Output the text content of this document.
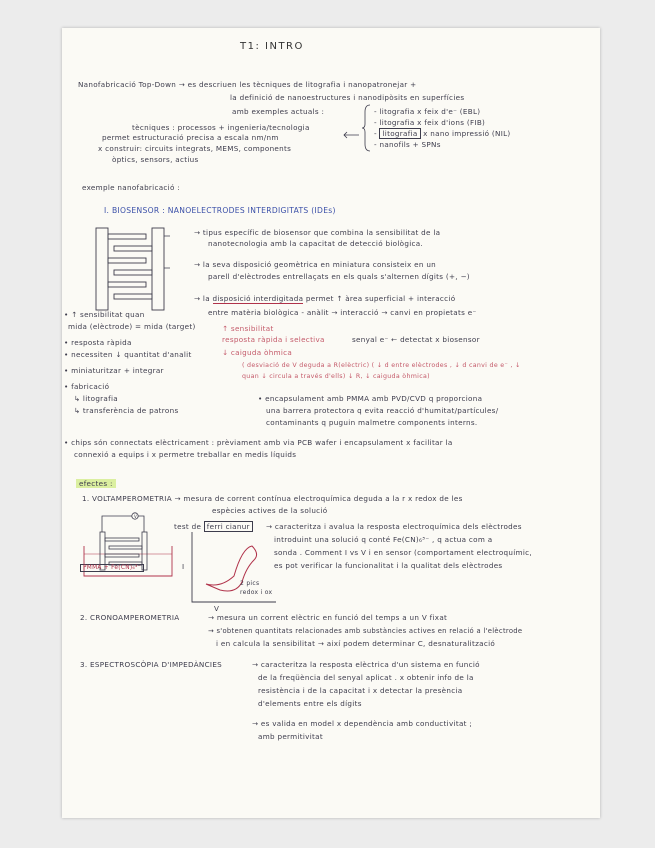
T1: INTRO
Nanofabricació Top-Down → es descriuen les tècniques de litografia i nanopatronejar +
la definició de nanoestructures i nanodipòsits en superfícies
amb exemples actuals :	- litografia x feix d'e⁻ (EBL)
- litografia x feix d'ions (FIB)
- litografia x nano impressió (NIL)
- nanofils + SPNs
tècniques : processos + ingenieria/tecnologia
permet estructuració precisa a escala nm/nm
x construir: circuits integrats, MEMS, components
òptics, sensors, actius
exemple nanofabricació :
I. BIOSENSOR : NANOELECTRODES INTERDIGITATS (IDEs)
→ tipus específic de biosensor que combina la sensibilitat de la
nanotecnologia amb la capacitat de detecció biològica.
→ la seva disposició geomètrica en miniatura consisteix en un
parell d'elèctrodes entrellaçats en els quals s'alternen dígits (+, −)
→ la disposició interdigitada permet ↑ àrea superficial + interacció
entre matèria biològica - anàlit → interacció → canvi en propietats e⁻
senyal e⁻ ← detectat x biosensor
• ↑ sensibilitat quan
mida (elèctrode) = mida (target)
• resposta ràpida
• necessiten ↓ quantitat d'analit
• miniaturitzar + integrar
• fabricació
↳ litografia
↳ transferència de patrons
↑ sensibilitat
resposta ràpida i selectiva
↓ caiguda òhmica
( desviació de V deguda a R(elèctric) ( ↓ d entre elèctrodes , ↓ d canvi de e⁻ , ↓
quan ↓ circula a través d'ells) ↓ R, ↓ caiguda òhmica)
• encapsulament amb PMMA amb PVD/CVD q proporciona
una barrera protectora q evita reacció d'humitat/partícules/
contaminants q puguin malmetre components interns.
• chips són connectats elèctricament : prèviament amb via PCB wafer i encapsulament x facilitar la
connexió a equips i x permetre treballar en medis líquids
efectes :
1. VOLTAMPEROMETRIA → mesura de corrent contínua electroquímica deguda a la r x redox de les
espècies actives de la solució
V
PMMA + Fe(CN)₆³⁻
test de ferri cianur	→ caracteritza i avalua la resposta electroquímica dels elèctrodes
introduint una solució q conté Fe(CN)₆³⁻ , q actua com a
sonda . Comment I vs V i en sensor (comportament electroquímic,
es pot verificar la funcionalitat i la qualitat dels elèctrodes
I
V
2 pics
redox i ox
2. CRONOAMPEROMETRIA	→ mesura un corrent elèctric en funció del temps a un V fixat
→ s'obtenen quantitats relacionades amb substàncies actives en relació a l'elèctrode
i en calcula la sensibilitat → així podem determinar C, desnaturalització
3. ESPECTROSCÒPIA D'IMPEDÀNCIES	→ caracteritza la resposta elèctrica d'un sistema en funció
de la freqüència del senyal aplicat . x obtenir info de la
resistència i de la capacitat i x detectar la presència
d'elements entre els dígits
→ es valida en model x dependència amb conductivitat ;
amb permitivitat
